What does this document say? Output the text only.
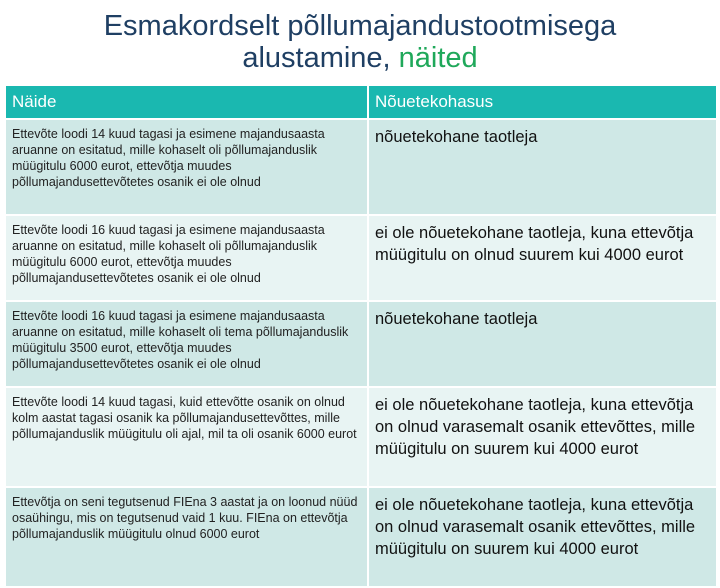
Esmakordselt põllumajandustootmisega
alustamine, näited
Näide	Nõuetekohasus
Ettevõte loodi 14 kuud tagasi ja esimene majandusaasta aruanne on esitatud, mille kohaselt oli põllumajanduslik müügitulu 6000 eurot, ettevõtja muudes põllumajandusettevõtetes osanik ei ole olnud	nõuetekohane taotleja
Ettevõte loodi 16 kuud tagasi ja esimene majandusaasta aruanne on esitatud, mille kohaselt oli põllumajanduslik müügitulu 6000 eurot, ettevõtja muudes põllumajandusettevõtetes osanik ei ole olnud	ei ole nõuetekohane taotleja, kuna ettevõtja müügitulu on olnud suurem kui 4000 eurot
Ettevõte loodi 16 kuud tagasi ja esimene majandusaasta aruanne on esitatud, mille kohaselt oli tema põllumajanduslik müügitulu 3500 eurot, ettevõtja muudes põllumajandusettevõtetes osanik ei ole olnud	nõuetekohane taotleja
Ettevõte loodi 14 kuud tagasi, kuid ettevõtte osanik on olnud kolm aastat tagasi osanik ka põllumajandusettevõttes, mille põllumajanduslik müügitulu oli ajal, mil ta oli osanik 6000 eurot	ei ole nõuetekohane taotleja, kuna ettevõtja on olnud varasemalt osanik ettevõttes, mille müügitulu on suurem kui 4000 eurot
Ettevõtja on seni tegutsenud FIEna 3 aastat ja on loonud nüüd osaühingu, mis on tegutsenud vaid 1 kuu. FIEna on ettevõtja põllumajanduslik müügitulu olnud 6000 eurot	ei ole nõuetekohane taotleja, kuna ettevõtja on olnud varasemalt osanik ettevõttes, mille müügitulu on suurem kui 4000 eurot
